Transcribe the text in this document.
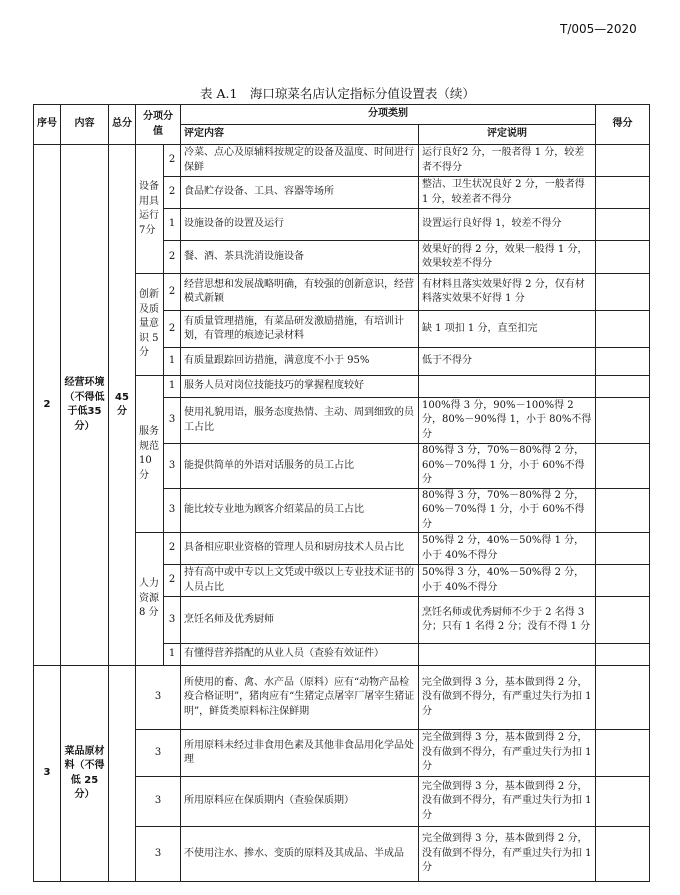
T/005—2020
表 A.1　海口琼菜名店认定指标分值设置表（续）
序号	内容	总分	分项分值		分项类别		得分
					评定内容	评定说明	
2	经营环境（不得低于低35分）	45分	设备用具运行7分	2	冷菜、点心及原辅料按规定的设备及温度、时间进行保鲜	运行良好2 分，一般者得 1 分，较差者不得分	
				2	食品贮存设备、工具、容器等场所	整洁、卫生状况良好 2 分，一般者得 1 分，较差者不得分	
				1	设施设备的设置及运行	设置运行良好得 1，较差不得分	
				2	餐、酒、茶具洗消设施设备	效果好的得 2 分，效果一般得 1 分，效果较差不得分	
			创新及质量意识 5 分	2	经营思想和发展战略明确，有较强的创新意识，经营模式新颖	有材料且落实效果好得 2 分，仅有材料落实效果不好得 1 分	
				2	有质量管理措施，有菜品研发激励措施，有培训计划，有管理的痕迹记录材料	缺 1 项扣 1 分，直至扣完	
				1	有质量跟踪回访措施，满意度不小于 95%	低于不得分	
			服务规范10 分	1	服务人员对岗位技能技巧的掌握程度较好		
				3	使用礼貌用语，服务态度热情、主动、周到细致的员工占比	100%得 3 分，90%－100%得 2 分，80%－90%得 1，小于 80%不得分	
				3	能提供简单的外语对话服务的员工占比	80%得 3 分，70%－80%得 2 分，60%－70%得 1 分，小于 60%不得分	
				3	能比较专业地为顾客介绍菜品的员工占比	80%得 3 分，70%－80%得 2 分，60%－70%得 1 分，小于 60%不得分	
			人力资源8 分	2	具备相应职业资格的管理人员和厨房技术人员占比	50%得 2 分，40%－50%得 1 分，小于 40%不得分	
				2	持有高中或中专以上文凭或中级以上专业技术证书的人员占比	50%得 3 分，40%－50%得 2 分，小于 40%不得分	
				3	烹饪名师及优秀厨师	烹饪名师或优秀厨师不少于 2 名得 3 分；只有 1 名得 2 分；没有不得 1 分	
				1	有懂得营养搭配的从业人员（查验有效证件）		
3	菜品原材料（不得低 25 分）		3		所使用的畜、禽、水产品（原料）应有“动物产品检疫合格证明”，猪肉应有“生猪定点屠宰厂屠宰生猪证明”，鲜货类原料标注保鲜期	完全做到得 3 分，基本做到得 2 分，没有做到不得分，有严重过失行为扣 1 分	
			3		所用原料未经过非食用色素及其他非食品用化学品处理	完全做到得 3 分，基本做到得 2 分，没有做到不得分，有严重过失行为扣 1 分	
			3		所用原料应在保质期内（查验保质期）	完全做到得 3 分，基本做到得 2 分，没有做到不得分，有严重过失行为扣 1 分	
			3		不使用注水、掺水、变质的原料及其成品、半成品	完全做到得 3 分，基本做到得 2 分，没有做到不得分，有严重过失行为扣 1 分	
